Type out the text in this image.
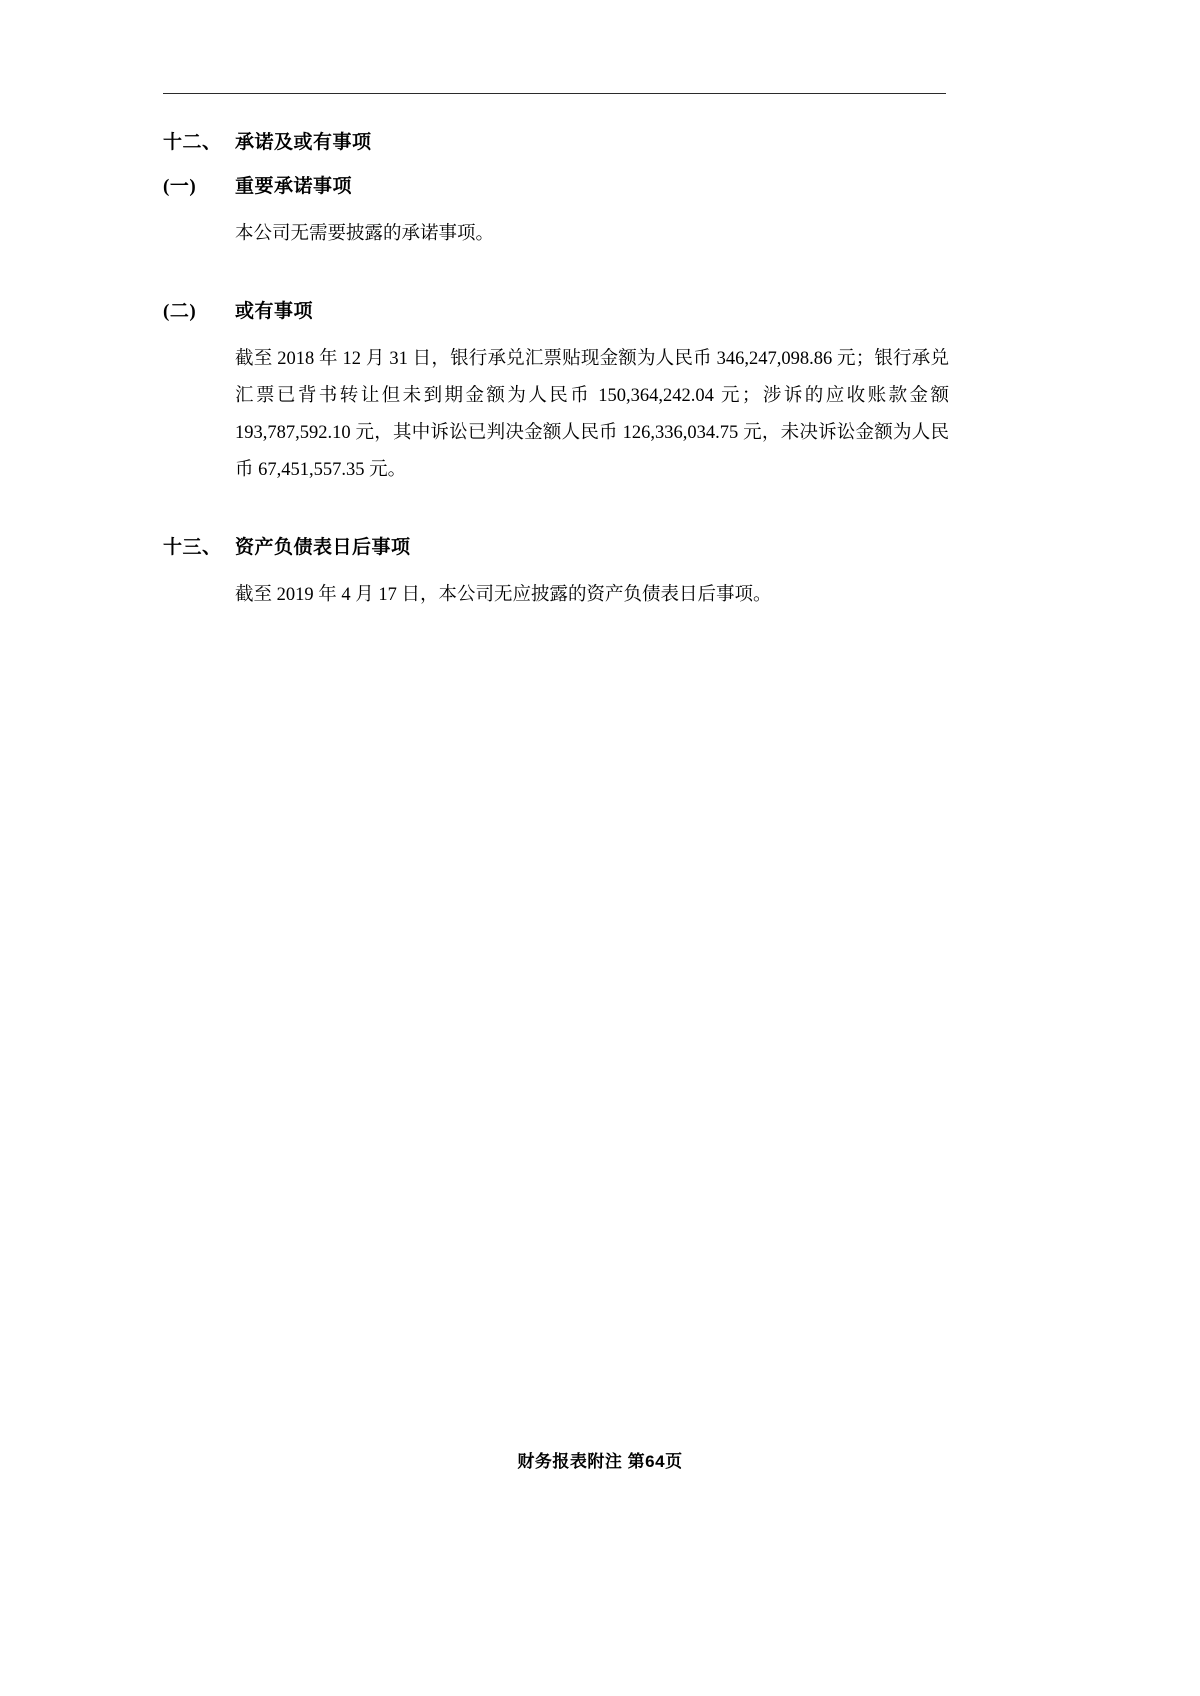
十二、 承诺及或有事项
(一)	重要承诺事项
本公司无需要披露的承诺事项。
(二)	或有事项
截至 2018 年 12 月 31 日，银行承兑汇票贴现金额为人民币 346,247,098.86 元；银行承兑汇票已背书转让但未到期金额为人民币 150,364,242.04 元；涉诉的应收账款金额 193,787,592.10 元，其中诉讼已判决金额人民币 126,336,034.75 元，未决诉讼金额为人民币 67,451,557.35 元。
十三、 资产负债表日后事项
截至 2019 年 4 月 17 日，本公司无应披露的资产负债表日后事项。
财务报表附注 第64页
